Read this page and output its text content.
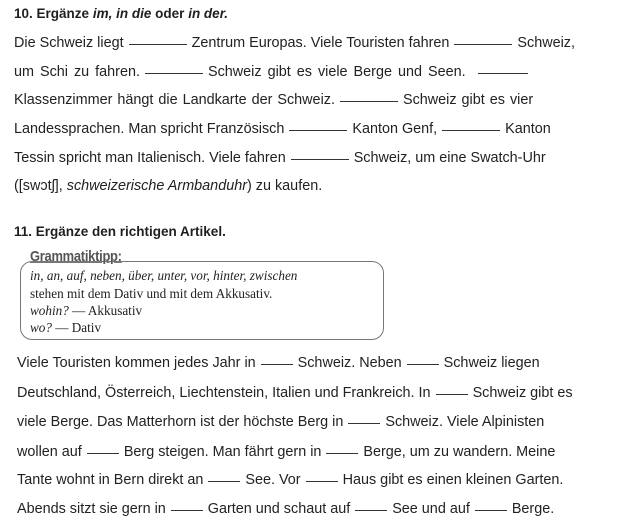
10. Ergänze im, in die oder in der.
Die Schweiz liegt	Zentrum Europas. Viele Touristen fahren	Schweiz,
um Schi zu fahren.	Schweiz gibt es viele Berge und Seen.
Klassenzimmer hängt die Landkarte der Schweiz.	Schweiz gibt es vier
Landessprachen. Man spricht Französisch	Kanton Genf,	Kanton
Tessin spricht man Italienisch. Viele fahren	Schweiz, um eine Swatch-Uhr
([swɔtʃ], schweizerische Armbanduhr) zu kaufen.
11. Ergänze den richtigen Artikel.
Grammatiktipp:
in, an, auf, neben, über, unter, vor, hinter, zwischen
stehen mit dem Dativ und mit dem Akkusativ.
wohin? — Akkusativ
wo? — Dativ
Viele Touristen kommen jedes Jahr in	Schweiz. Neben	Schweiz liegen
Deutschland, Österreich, Liechtenstein, Italien und Frankreich. In	Schweiz gibt es
viele Berge. Das Matterhorn ist der höchste Berg in	Schweiz. Viele Alpinisten
wollen auf	Berg steigen. Man fährt gern in	Berge, um zu wandern. Meine
Tante wohnt in Bern direkt an	See. Vor	Haus gibt es einen kleinen Garten.
Abends sitzt sie gern in	Garten und schaut auf	See und auf	Berge.
